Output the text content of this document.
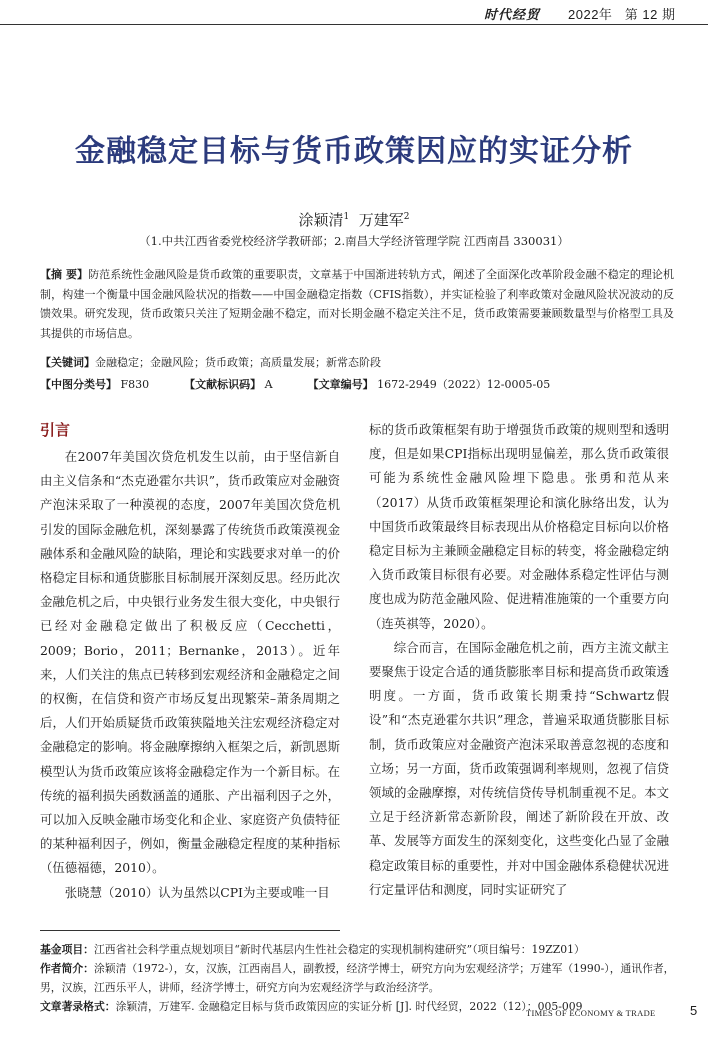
时代经贸 2022年 第 12 期
金融稳定目标与货币政策因应的实证分析
涂颖清$^1$ 万建军$^2$
（1.中共江西省委党校经济学教研部；2.南昌大学经济管理学院 江西南昌 330031）
【摘 要】防范系统性金融风险是货币政策的重要职责，文章基于中国渐进转轨方式，阐述了全面深化改革阶段金融不稳定的理论机制，构建一个衡量中国金融风险状况的指数——中国金融稳定指数（CFIS指数），并实证检验了利率政策对金融风险状况波动的反馈效果。研究发现，货币政策只关注了短期金融不稳定，而对长期金融不稳定关注不足，货币政策需要兼顾数量型与价格型工具及其提供的市场信息。
【关键词】金融稳定；金融风险；货币政策；高质量发展；新常态阶段
【中图分类号】 F830	【文献标识码】 A	【文章编号】 1672-2949（2022）12-0005-05
引言

在2007年美国次贷危机发生以前，由于坚信新自由主义信条和“杰克逊霍尔共识”，货币政策应对金融资产泡沫采取了一种漠视的态度，2007年美国次贷危机引发的国际金融危机，深刻暴露了传统货币政策漠视金融体系和金融风险的缺陷，理论和实践要求对单一的价格稳定目标和通货膨胀目标制展开深刻反思。经历此次金融危机之后，中央银行业务发生很大变化，中央银行已经对金融稳定做出了积极反应（Cecchetti，2009；Borio，2011；Bernanke，2013）。近年来，人们关注的焦点已转移到宏观经济和金融稳定之间的权衡，在信贷和资产市场反复出现繁荣–萧条周期之后，人们开始质疑货币政策狭隘地关注宏观经济稳定对金融稳定的影响。将金融摩擦纳入框架之后，新凯恩斯模型认为货币政策应该将金融稳定作为一个新目标。在传统的福利损失函数涵盖的通胀、产出福利因子之外，可以加入反映金融市场变化和企业、家庭资产负债特征的某种福利因子，例如，衡量金融稳定程度的某种指标（伍德福德，2010）。

张晓慧（2010）认为虽然以CPI为主要或唯一目

标的货币政策框架有助于增强货币政策的规则型和透明度，但是如果CPI指标出现明显偏差，那么货币政策很可能为系统性金融风险埋下隐患。张勇和范从来（2017）从货币政策框架理论和演化脉络出发，认为中国货币政策最终目标表现出从价格稳定目标向以价格稳定目标为主兼顾金融稳定目标的转变，将金融稳定纳入货币政策目标很有必要。对金融体系稳定性评估与测度也成为防范金融风险、促进精准施策的一个重要方向（连英祺等，2020）。

综合而言，在国际金融危机之前，西方主流文献主要聚焦于设定合适的通货膨胀率目标和提高货币政策透明度。一方面，货币政策长期秉持“Schwartz假设”和“杰克逊霍尔共识”理念，普遍采取通货膨胀目标制，货币政策应对金融资产泡沫采取善意忽视的态度和立场；另一方面，货币政策强调利率规则，忽视了信贷领域的金融摩擦，对传统信贷传导机制重视不足。本文立足于经济新常态新阶段，阐述了新阶段在开放、改革、发展等方面发生的深刻变化，这些变化凸显了金融稳定政策目标的重要性，并对中国金融体系稳健状况进行定量评估和测度，同时实证研究了

基金项目：江西省社会科学重点规划项目“新时代基层内生性社会稳定的实现机制构建研究”（项目编号：19ZZ01）
作者简介：涂颖清（1972-），女，汉族，江西南昌人，副教授，经济学博士，研究方向为宏观经济学；万建军（1990-），通讯作者，男，汉族，江西乐平人，讲师，经济学博士，研究方向为宏观经济学与政治经济学。
文章著录格式：涂颖清，万建军. 金融稳定目标与货币政策因应的实证分析 [J]. 时代经贸，2022（12）：005-009
TIMES OF ECONOMY & TRADE	5
